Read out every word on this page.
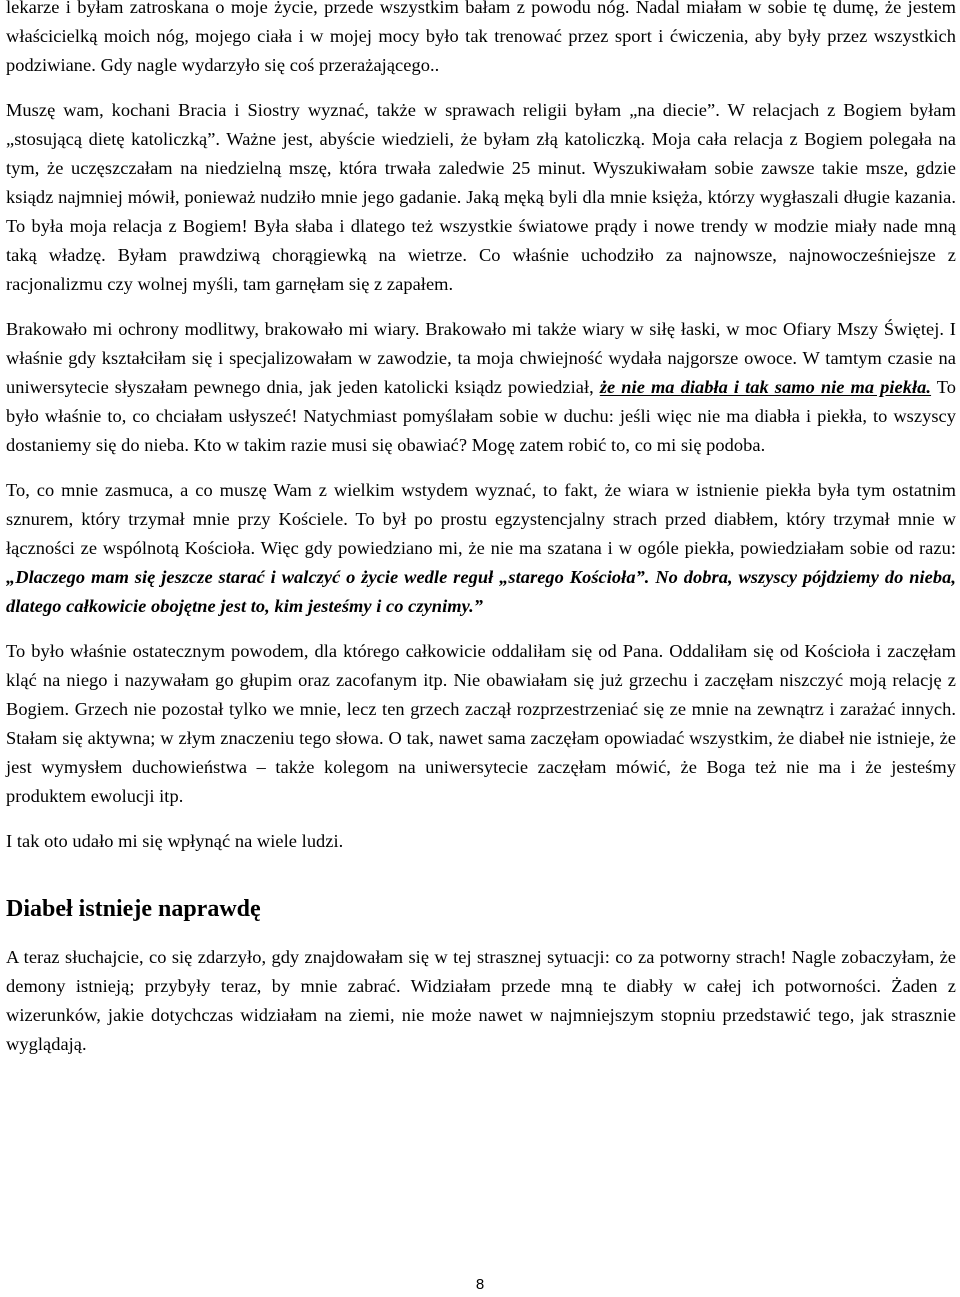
lekarze i byłam zatroskana o moje życie, przede wszystkim bałam z powodu nóg. Nadal miałam w sobie tę dumę, że jestem właścicielką moich nóg, mojego ciała i w mojej mocy było tak trenować przez sport i ćwiczenia, aby były przez wszystkich podziwiane. Gdy nagle wydarzyło się coś przerażającego..

Muszę wam, kochani Bracia i Siostry wyznać, także w sprawach religii byłam „na diecie”. W relacjach z Bogiem byłam „stosującą dietę katoliczką”. Ważne jest, abyście wiedzieli, że byłam złą katoliczką. Moja cała relacja z Bogiem polegała na tym, że uczęszczałam na niedzielną mszę, która trwała zaledwie 25 minut. Wyszukiwałam sobie zawsze takie msze, gdzie ksiądz najmniej mówił, ponieważ nudziło mnie jego gadanie. Jaką męką byli dla mnie księża, którzy wygłaszali długie kazania. To była moja relacja z Bogiem! Była słaba i dlatego też wszystkie światowe prądy i nowe trendy w modzie miały nade mną taką władzę. Byłam prawdziwą chorągiewką na wietrze. Co właśnie uchodziło za najnowsze, najnowocześniejsze z racjonalizmu czy wolnej myśli, tam garnęłam się z zapałem.

Brakowało mi ochrony modlitwy, brakowało mi wiary. Brakowało mi także wiary w siłę łaski, w moc Ofiary Mszy Świętej. I właśnie gdy kształciłam się i specjalizowałam w zawodzie, ta moja chwiejność wydała najgorsze owoce. W tamtym czasie na uniwersytecie słyszałam pewnego dnia, jak jeden katolicki ksiądz powiedział, że nie ma diabła i tak samo nie ma piekła. To było właśnie to, co chciałam usłyszeć! Natychmiast pomyślałam sobie w duchu: jeśli więc nie ma diabła i piekła, to wszyscy dostaniemy się do nieba. Kto w takim razie musi się obawiać? Mogę zatem robić to, co mi się podoba.

To, co mnie zasmuca, a co muszę Wam z wielkim wstydem wyznać, to fakt, że wiara w istnienie piekła była tym ostatnim sznurem, który trzymał mnie przy Kościele. To był po prostu egzystencjalny strach przed diabłem, który trzymał mnie w łączności ze wspólnotą Kościoła. Więc gdy powiedziano mi, że nie ma szatana i w ogóle piekła, powiedziałam sobie od razu: „Dlaczego mam się jeszcze starać i walczyć o życie wedle reguł „starego Kościoła”. No dobra, wszyscy pójdziemy do nieba, dlatego całkowicie obojętne jest to, kim jesteśmy i co czynimy.”

To było właśnie ostatecznym powodem, dla którego całkowicie oddaliłam się od Pana. Oddaliłam się od Kościoła i zaczęłam kląć na niego i nazywałam go głupim oraz zacofanym itp. Nie obawiałam się już grzechu i zaczęłam niszczyć moją relację z Bogiem. Grzech nie pozostał tylko we mnie, lecz ten grzech zaczął rozprzestrzeniać się ze mnie na zewnątrz i zarażać innych. Stałam się aktywna; w złym znaczeniu tego słowa. O tak, nawet sama zaczęłam opowiadać wszystkim, że diabeł nie istnieje, że jest wymysłem duchowieństwa – także kolegom na uniwersytecie zaczęłam mówić, że Boga też nie ma i że jesteśmy produktem ewolucji itp.

I tak oto udało mi się wpłynąć na wiele ludzi.

Diabeł istnieje naprawdę

A teraz słuchajcie, co się zdarzyło, gdy znajdowałam się w tej strasznej sytuacji: co za potworny strach! Nagle zobaczyłam, że demony istnieją; przybyły teraz, by mnie zabrać. Widziałam przede mną te diabły w całej ich potworności. Żaden z wizerunków, jakie dotychczas widziałam na ziemi, nie może nawet w najmniejszym stopniu przedstawić tego, jak strasznie wyglądają.

8
